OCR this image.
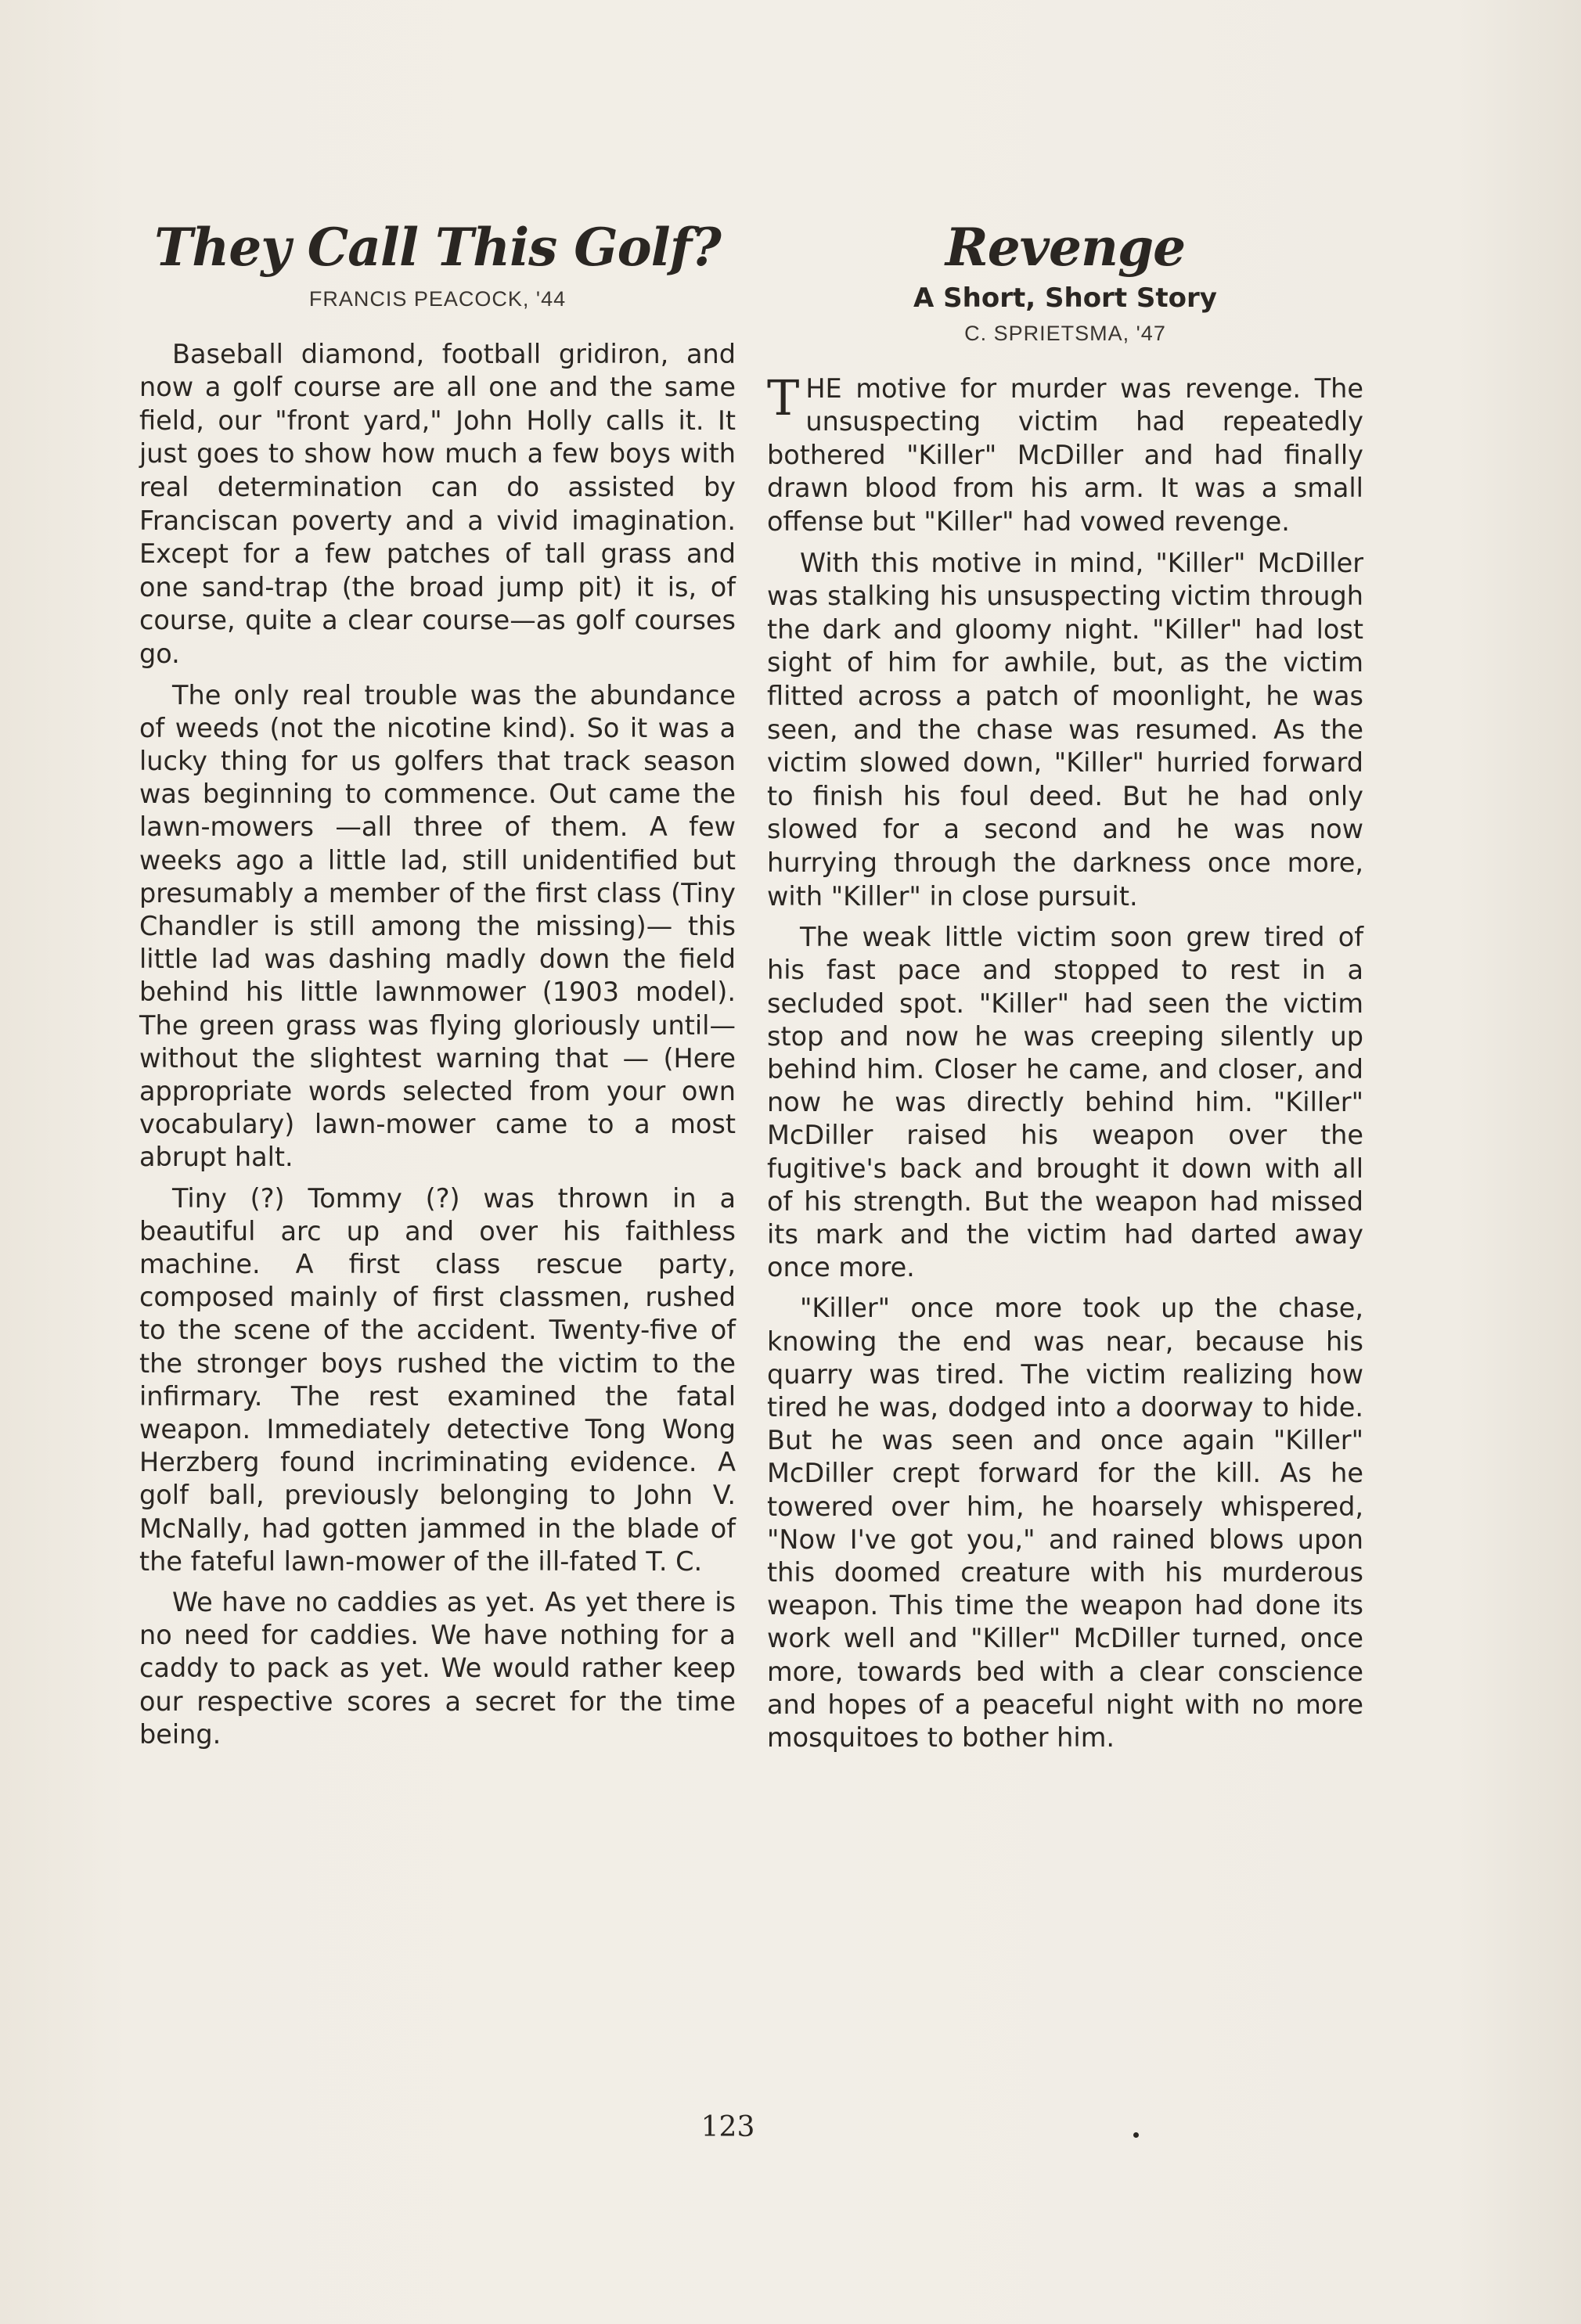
They Call This Golf?
FRANCIS PEACOCK, '44

Baseball diamond, football gridiron, and now a golf course are all one and the same field, our "front yard," John Holly calls it. It just goes to show how much a few boys with real determination can do assisted by Franciscan poverty and a vivid imagination. Except for a few patches of tall grass and one sand-trap (the broad jump pit) it is, of course, quite a clear course—as golf courses go.

The only real trouble was the abundance of weeds (not the nicotine kind). So it was a lucky thing for us golfers that track season was beginning to commence. Out came the lawn-mowers —all three of them. A few weeks ago a little lad, still unidentified but presumably a member of the first class (Tiny Chandler is still among the missing)— this little lad was dashing madly down the field behind his little lawnmower (1903 model). The green grass was flying gloriously until—without the slightest warning that — (Here appropriate words selected from your own vocabulary) lawn-mower came to a most abrupt halt.

Tiny (?) Tommy (?) was thrown in a beautiful arc up and over his faithless machine. A first class rescue party, composed mainly of first classmen, rushed to the scene of the accident. Twenty-five of the stronger boys rushed the victim to the infirmary. The rest examined the fatal weapon. Immediately detective Tong Wong Herzberg found incriminating evidence. A golf ball, previously belonging to John V. McNally, had gotten jammed in the blade of the fateful lawn-mower of the ill-fated T. C.

We have no caddies as yet. As yet there is no need for caddies. We have nothing for a caddy to pack as yet. We would rather keep our respective scores a secret for the time being.

Revenge
A Short, Short Story
C. SPRIETSMA, '47

THE motive for murder was revenge. The unsuspecting victim had repeatedly bothered "Killer" McDiller and had finally drawn blood from his arm. It was a small offense but "Killer" had vowed revenge.

With this motive in mind, "Killer" McDiller was stalking his unsuspecting victim through the dark and gloomy night. "Killer" had lost sight of him for awhile, but, as the victim flitted across a patch of moonlight, he was seen, and the chase was resumed. As the victim slowed down, "Killer" hurried forward to finish his foul deed. But he had only slowed for a second and he was now hurrying through the darkness once more, with "Killer" in close pursuit.

The weak little victim soon grew tired of his fast pace and stopped to rest in a secluded spot. "Killer" had seen the victim stop and now he was creeping silently up behind him. Closer he came, and closer, and now he was directly behind him. "Killer" McDiller raised his weapon over the fugitive's back and brought it down with all of his strength. But the weapon had missed its mark and the victim had darted away once more.

"Killer" once more took up the chase, knowing the end was near, because his quarry was tired. The victim realizing how tired he was, dodged into a doorway to hide. But he was seen and once again "Killer" McDiller crept forward for the kill. As he towered over him, he hoarsely whispered, "Now I've got you," and rained blows upon this doomed creature with his murderous weapon. This time the weapon had done its work well and "Killer" McDiller turned, once more, towards bed with a clear conscience and hopes of a peaceful night with no more mosquitoes to bother him.

123
